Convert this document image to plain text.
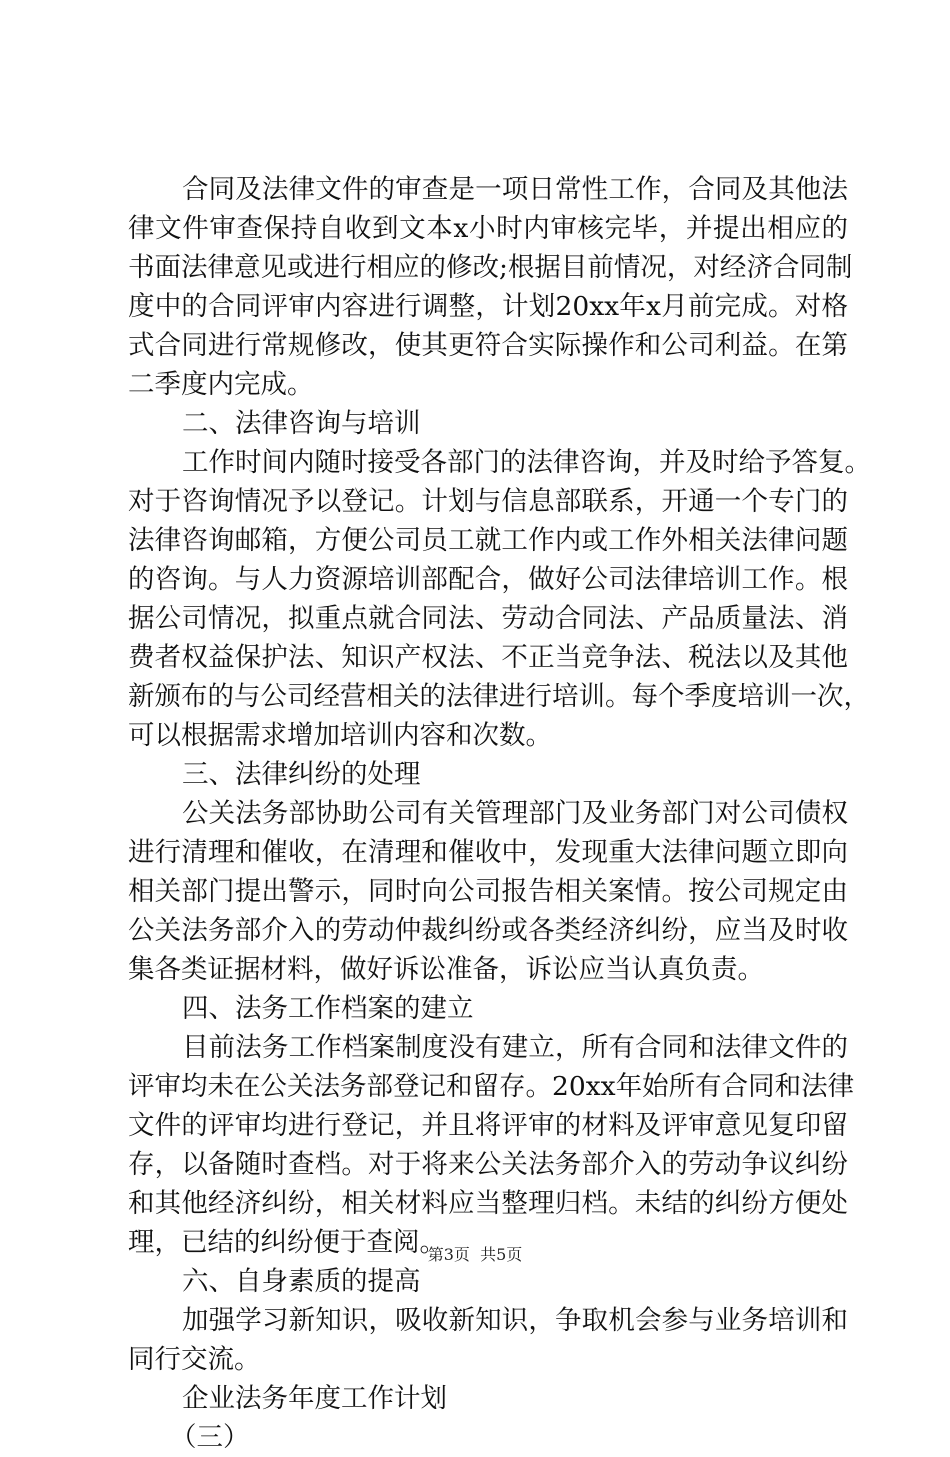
合同及法律文件的审查是一项日常性工作，合同及其他法
律文件审查保持自收到文本x小时内审核完毕，并提出相应的
书面法律意见或进行相应的修改;根据目前情况，对经济合同制
度中的合同评审内容进行调整，计划20xx年x月前完成。对格
式合同进行常规修改，使其更符合实际操作和公司利益。在第
二季度内完成。
二、法律咨询与培训
工作时间内随时接受各部门的法律咨询，并及时给予答复。
对于咨询情况予以登记。计划与信息部联系，开通一个专门的
法律咨询邮箱，方便公司员工就工作内或工作外相关法律问题
的咨询。与人力资源培训部配合，做好公司法律培训工作。根
据公司情况，拟重点就合同法、劳动合同法、产品质量法、消
费者权益保护法、知识产权法、不正当竞争法、税法以及其他
新颁布的与公司经营相关的法律进行培训。每个季度培训一次，
可以根据需求增加培训内容和次数。
三、法律纠纷的处理
公关法务部协助公司有关管理部门及业务部门对公司债权
进行清理和催收，在清理和催收中，发现重大法律问题立即向
相关部门提出警示，同时向公司报告相关案情。按公司规定由
公关法务部介入的劳动仲裁纠纷或各类经济纠纷，应当及时收
集各类证据材料，做好诉讼准备，诉讼应当认真负责。
四、法务工作档案的建立
目前法务工作档案制度没有建立，所有合同和法律文件的
评审均未在公关法务部登记和留存。20xx年始所有合同和法律
文件的评审均进行登记，并且将评审的材料及评审意见复印留
存，以备随时查档。对于将来公关法务部介入的劳动争议纠纷
和其他经济纠纷，相关材料应当整理归档。未结的纠纷方便处
理，已结的纠纷便于查阅。
六、自身素质的提高
加强学习新知识，吸收新知识，争取机会参与业务培训和
同行交流。
企业法务年度工作计划
（三）
第3页  共5页
